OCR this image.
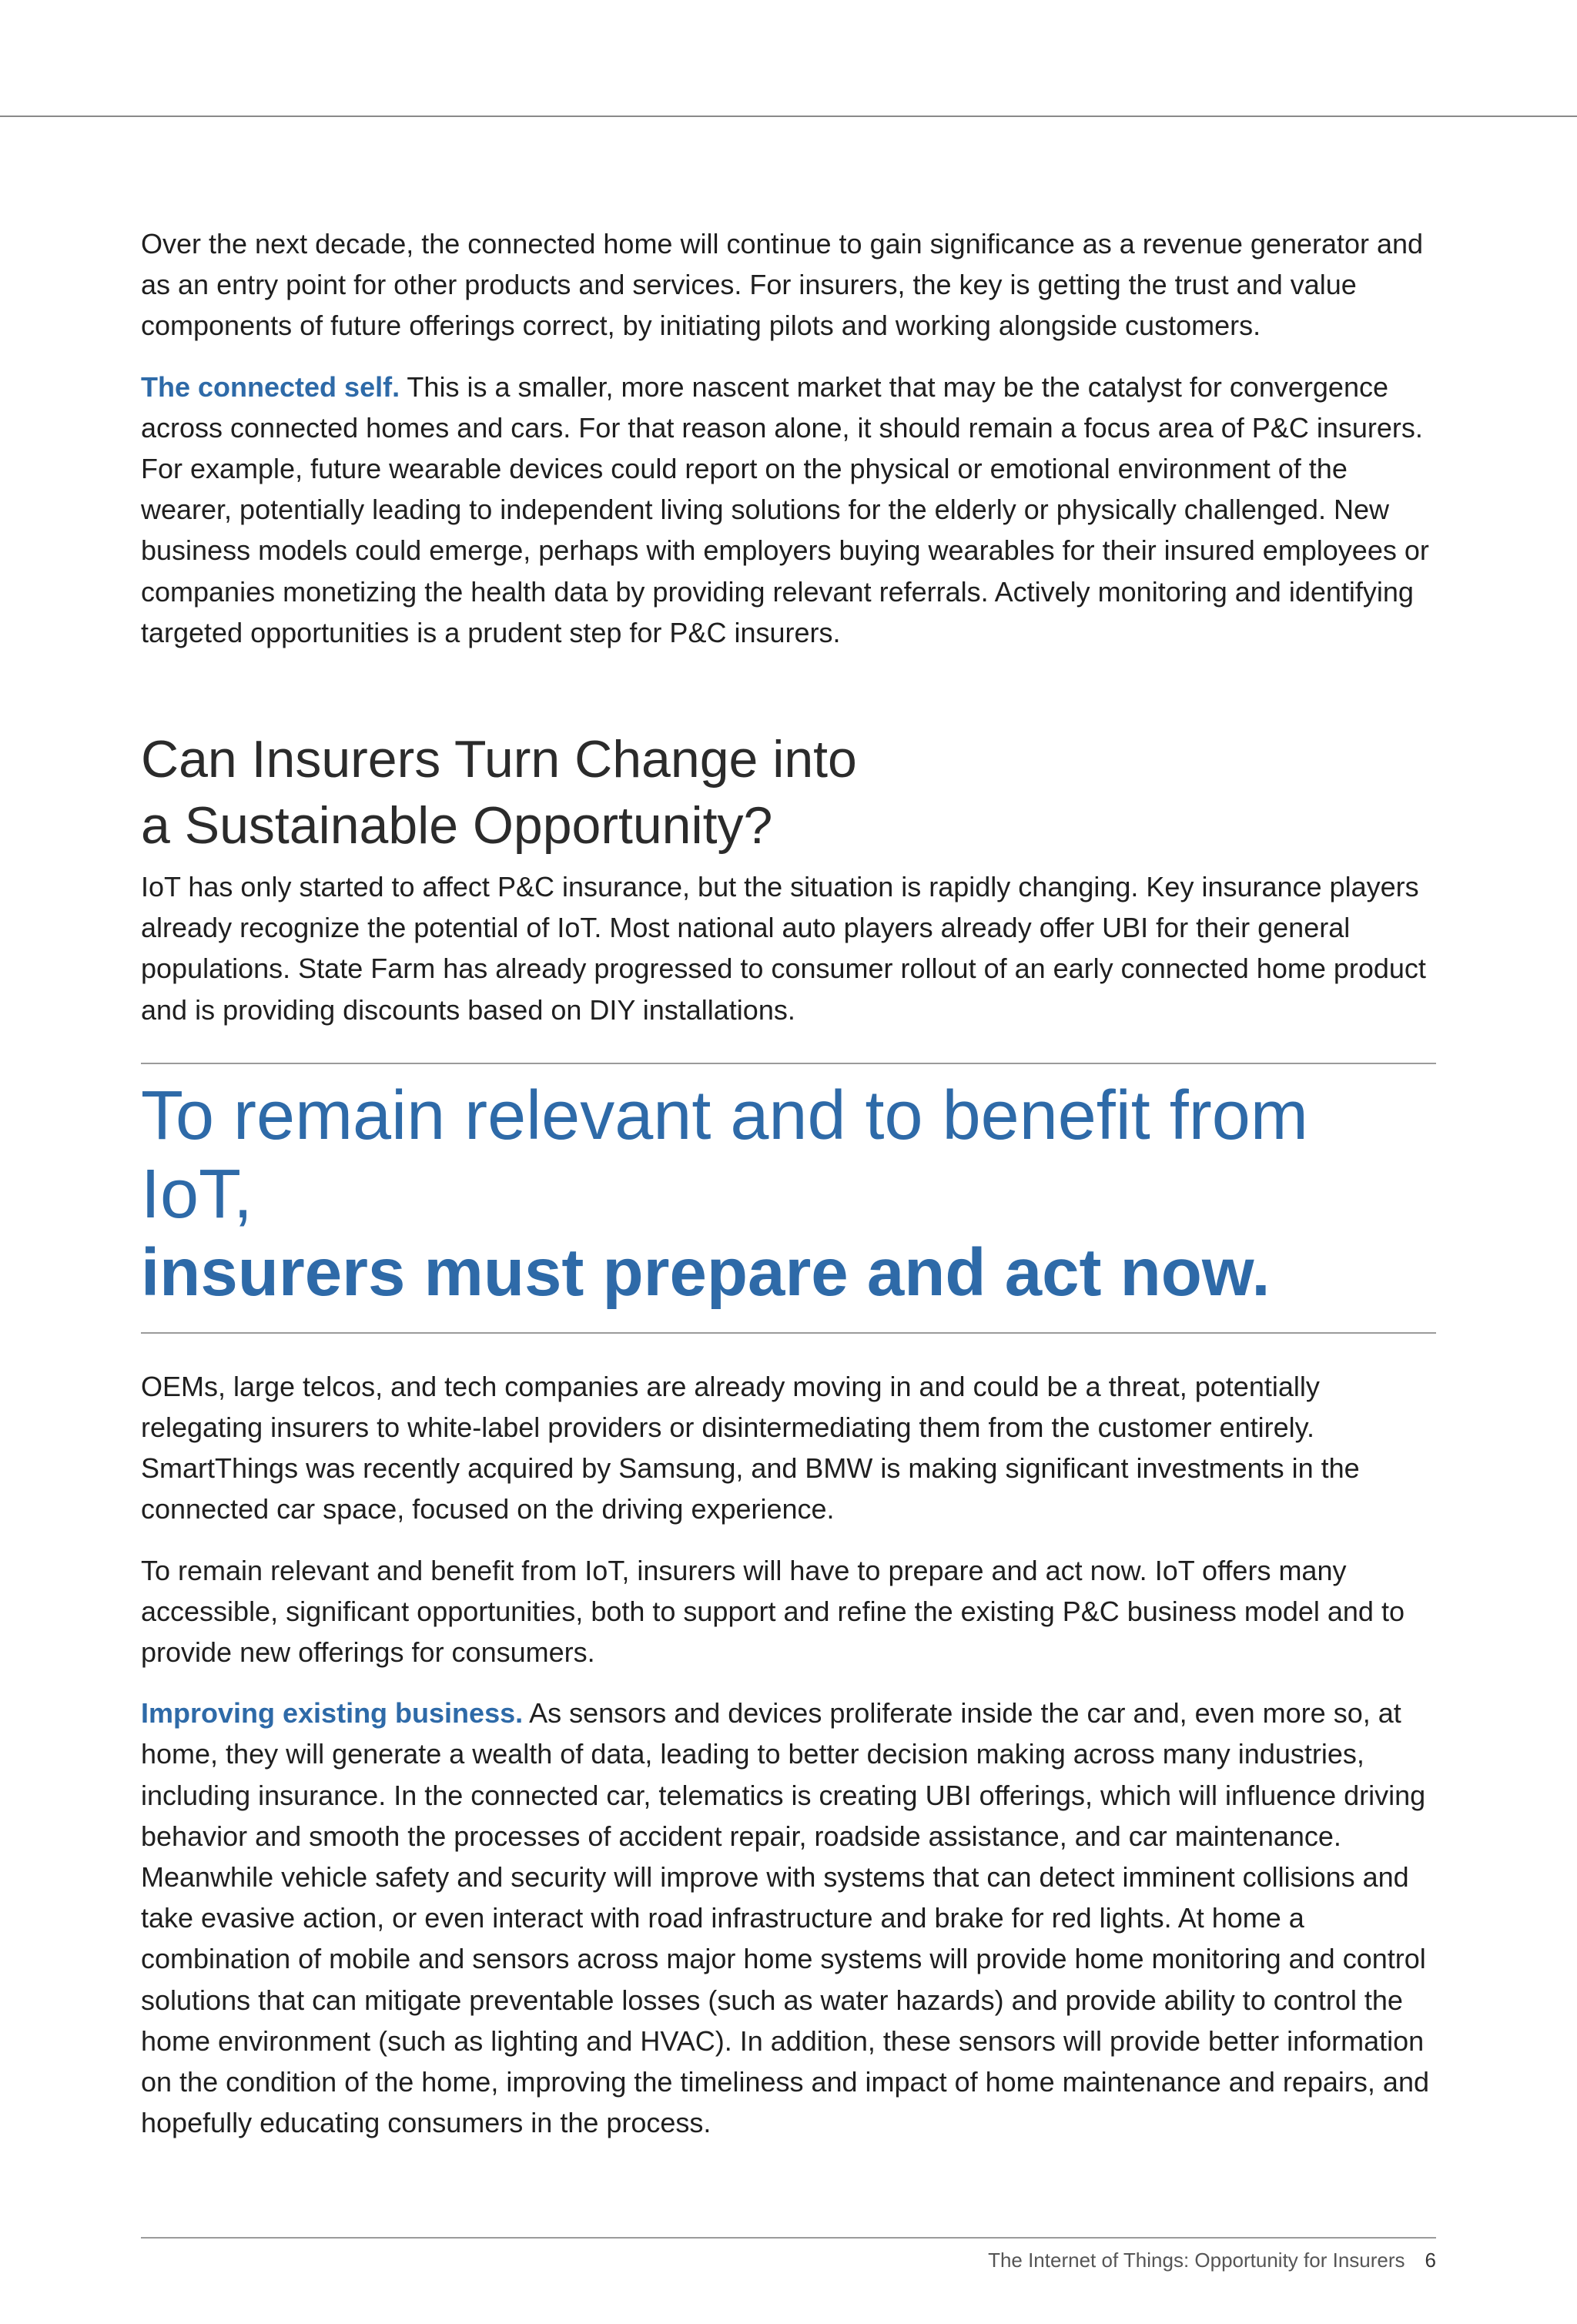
Over the next decade, the connected home will continue to gain significance as a revenue generator and as an entry point for other products and services. For insurers, the key is getting the trust and value components of future offerings correct, by initiating pilots and working alongside customers.

The connected self. This is a smaller, more nascent market that may be the catalyst for convergence across connected homes and cars. For that reason alone, it should remain a focus area of P&C insurers. For example, future wearable devices could report on the physical or emotional environment of the wearer, potentially leading to independent living solutions for the elderly or physically challenged. New business models could emerge, perhaps with employers buying wearables for their insured employees or companies monetizing the health data by providing relevant referrals. Actively monitoring and identifying targeted opportunities is a prudent step for P&C insurers.

Can Insurers Turn Change into
a Sustainable Opportunity?

IoT has only started to affect P&C insurance, but the situation is rapidly changing. Key insurance players already recognize the potential of IoT. Most national auto players already offer UBI for their general populations. State Farm has already progressed to consumer rollout of an early connected home product and is providing discounts based on DIY installations.

To remain relevant and to benefit from IoT,
insurers must prepare and act now.

OEMs, large telcos, and tech companies are already moving in and could be a threat, potentially relegating insurers to white-label providers or disintermediating them from the customer entirely. SmartThings was recently acquired by Samsung, and BMW is making significant investments in the connected car space, focused on the driving experience.

To remain relevant and benefit from IoT, insurers will have to prepare and act now. IoT offers many accessible, significant opportunities, both to support and refine the existing P&C business model and to provide new offerings for consumers.

Improving existing business. As sensors and devices proliferate inside the car and, even more so, at home, they will generate a wealth of data, leading to better decision making across many industries, including insurance. In the connected car, telematics is creating UBI offerings, which will influence driving behavior and smooth the processes of accident repair, roadside assistance, and car maintenance. Meanwhile vehicle safety and security will improve with systems that can detect imminent collisions and take evasive action, or even interact with road infrastructure and brake for red lights. At home a combination of mobile and sensors across major home systems will provide home monitoring and control solutions that can mitigate preventable losses (such as water hazards) and provide ability to control the home environment (such as lighting and HVAC). In addition, these sensors will provide better information on the condition of the home, improving the timeliness and impact of home maintenance and repairs, and hopefully educating consumers in the process.

The Internet of Things: Opportunity for Insurers 6
